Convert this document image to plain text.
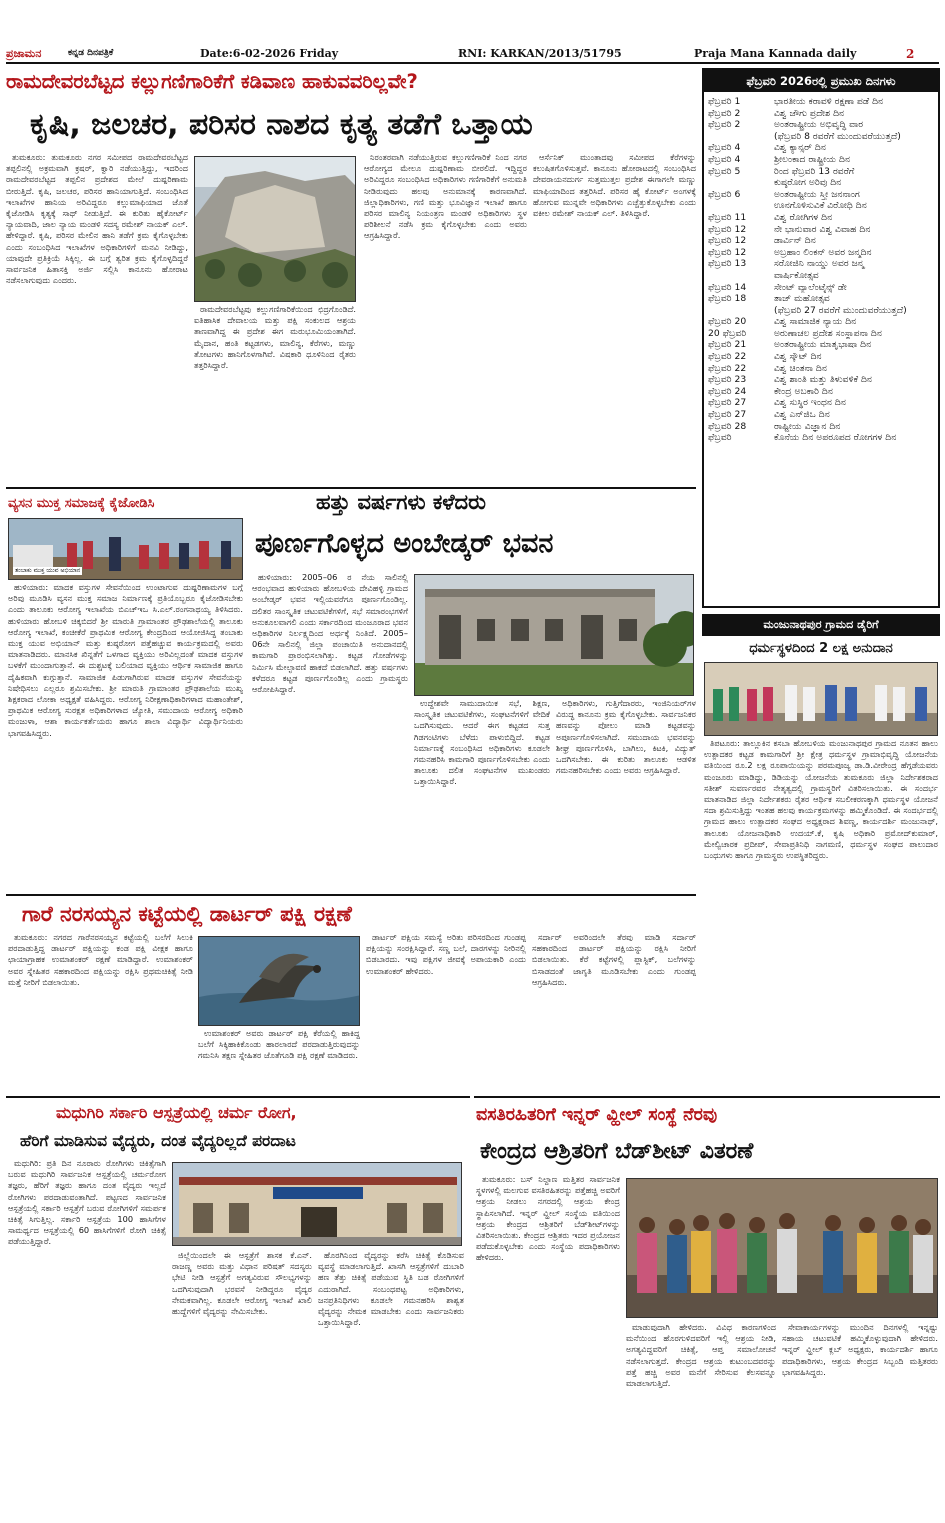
ಪ್ರಜಾಮನ	ಕನ್ನಡ ದಿನಪತ್ರಿಕೆ	Date:6-02-2026 Friday	RNI: KARKAN/2013/51795	Praja Mana Kannada daily	2
ರಾಮದೇವರಬೆಟ್ಟದ ಕಲ್ಲುಗಣಿಗಾರಿಕೆಗೆ ಕಡಿವಾಣ ಹಾಕುವವರಿಲ್ಲವೇ?
ಕೃಷಿ, ಜಲಚರ, ಪರಿಸರ ನಾಶದ ಕೃತ್ಯ ತಡೆಗೆ ಒತ್ತಾಯ

ತುಮಕೂರು: ತುಮಕೂರು ನಗರ ಸಮೀಪದ ರಾಮದೇವರಬೆಟ್ಟದ ತಪ್ಪಲಿನಲ್ಲಿ ಅಕ್ರಮವಾಗಿ ಕ್ರಷರ್, ಕ್ವಾರಿ ನಡೆಯುತ್ತಿದ್ದು, ಇದರಿಂದ ರಾಮದೇವರಬೆಟ್ಟದ ತಪ್ಪಲಿನ ಪ್ರದೇಶದ ಮೇಲೆ ದುಷ್ಪರಿಣಾಮ ಬೀರುತ್ತಿದೆ. ಕೃಷಿ, ಜಲಚರ, ಪರಿಸರ ಹಾನಿಯಾಗುತ್ತಿದೆ. ಸಂಬಂಧಿಸಿದ ಇಲಾಖೆಗಳ ಹಾನಿಯ ಅರಿವಿದ್ದರೂ ಕಲ್ಲುಮಾಫಿಯಾದ ಜೊತೆ ಕೈಜೋಡಿಸಿ ಕೃತ್ಯಕ್ಕೆ ಸಾಥ್ ನೀಡುತ್ತಿದೆ. ಈ ಕುರಿತು ಹೈಕೋರ್ಟ್ ನ್ಯಾಯವಾದಿ, ಜಾಲ ನ್ಯಾಯ ಮಂಡಳಿ ಸದಸ್ಯ ರಮೇಶ್ ನಾಯಕ್ ಎಲ್. ಹೇಳಿದ್ದಾರೆ. ಕೃಷಿ, ಪರಿಸರ ಮೇಲಿನ ಹಾನಿ ತಡೆಗೆ ಕ್ರಮ ಕೈಗೊಳ್ಳಬೇಕು ಎಂದು ಸಂಬಂಧಿಸಿದ ಇಲಾಖೆಗಳ ಅಧಿಕಾರಿಗಳಿಗೆ ಮನವಿ ನೀಡಿದ್ದು, ಯಾವುದೇ ಪ್ರತಿಕ್ರಿಯೆ ಸಿಕ್ಕಿಲ್ಲ. ಈ ಬಗ್ಗೆ ತ್ವರಿತ ಕ್ರಮ ಕೈಗೊಳ್ಳದಿದ್ದರೆ ಸಾರ್ವಜನಿಕ ಹಿತಾಸಕ್ತಿ ಅರ್ಜಿ ಸಲ್ಲಿಸಿ ಕಾನೂನು ಹೋರಾಟ ನಡೆಸಲಾಗುವುದು ಎಂದರು.

ರಾಮದೇವರಬೆಟ್ಟವು ಕಲ್ಲುಗಣಿಗಾರಿಕೆಯಿಂದ ಛಿದ್ರಗೊಂಡಿದೆ. ಐತಿಹಾಸಿಕ ದೇವಾಲಯ ಮತ್ತು ಪಕ್ಷಿ ಸಂಕುಲದ ಆಶ್ರಯ ತಾಣವಾಗಿದ್ದ ಈ ಪ್ರದೇಶ ಈಗ ಮರುಭೂಮಿಯಂತಾಗಿದೆ. ಮೈದಾನ, ಹಂತಿ ಕಟ್ಟಡಗಳು, ಮಾಲಿನ್ಯ, ಕೆರೆಗಳು, ಮಣ್ಣು ತೋಟಗಳು ಹಾನಿಗೊಳಗಾಗಿವೆ. ವಿಷಕಾರಿ ಧೂಳಿನಿಂದ ರೈತರು ತತ್ತರಿಸಿದ್ದಾರೆ.

ನಿರಂತರವಾಗಿ ನಡೆಯುತ್ತಿರುವ ಕಲ್ಲುಗಣಿಗಾರಿಕೆ ನಿಂದ ನಗರ ಆರೋಗ್ಯದ ಮೇಲೂ ದುಷ್ಪರಿಣಾಮ ಬೀರಲಿದೆ. ಇದ್ದಿದ್ದರ ಅರಿವಿದ್ದರೂ ಸಂಬಂಧಿಸಿದ ಅಧಿಕಾರಿಗಳು ಗಣಿಗಾರಿಕೆಗೆ ಅನುಮತಿ ನೀಡಿರುವುದು ಹಲವು ಅನುಮಾನಕ್ಕೆ ಕಾರಣವಾಗಿದೆ. ಜಿಲ್ಲಾಧಿಕಾರಿಗಳು, ಗಣಿ ಮತ್ತು ಭೂವಿಜ್ಞಾನ ಇಲಾಖೆ ಹಾಗೂ ಪರಿಸರ ಮಾಲಿನ್ಯ ನಿಯಂತ್ರಣ ಮಂಡಳಿ ಅಧಿಕಾರಿಗಳು ಸ್ಥಳ ಪರಿಶೀಲನೆ ನಡೆಸಿ ಕ್ರಮ ಕೈಗೊಳ್ಳಬೇಕು ಎಂದು ಅವರು ಆಗ್ರಹಿಸಿದ್ದಾರೆ.

ಆರ್ಸೆನಿಕ್ ಮುಂತಾದವು ಸಮೀಪದ ಕೆರೆಗಳನ್ನು ಕಲುಷಿತಗೊಳಿಸುತ್ತವೆ. ಕಾನೂನು ಹೋರಾಟದಲ್ಲಿ ಸಂಬಂಧಿಸಿದ ದೇವರಾಯನದುರ್ಗ ಸುತ್ತಮುತ್ತಲ ಪ್ರದೇಶ ಈಗಾಗಲೇ ಮಣ್ಣು ಮಾಫಿಯಾದಿಂದ ತತ್ತರಿಸಿದೆ. ಪರಿಸರ ಹೈ ಕೋರ್ಟ್ ಅಂಗಳಕ್ಕೆ ಹೋಗುವ ಮುನ್ನವೇ ಅಧಿಕಾರಿಗಳು ಎಚ್ಚೆತ್ತುಕೊಳ್ಳಬೇಕು ಎಂದು ವಕೀಲ ರಮೇಶ್ ನಾಯಕ್ ಎಲ್. ತಿಳಿಸಿದ್ದಾರೆ.

ಫೆಬ್ರವರಿ 2026ರಲ್ಲಿ ಪ್ರಮುಖ ದಿನಗಳು
ಫೆಬ್ರವರಿ 1	ಭಾರತೀಯ ಕರಾವಳಿ ರಕ್ಷಣಾ ಪಡೆ ದಿನ
ಫೆಬ್ರವರಿ 2	ವಿಶ್ವ ಜೌಗು ಪ್ರದೇಶ ದಿನ
ಫೆಬ್ರವರಿ 2	ಅಂತರಾಷ್ಟ್ರೀಯ ಅಭಿವೃದ್ಧಿ ವಾರ
(ಫೆಬ್ರವರಿ 8 ರವರೆಗೆ ಮುಂದುವರೆಯುತ್ತದೆ)
ಫೆಬ್ರವರಿ 4	ವಿಶ್ವ ಕ್ಯಾನ್ಸರ್ ದಿನ
ಫೆಬ್ರವರಿ 4	ಶ್ರೀಲಂಕಾದ ರಾಷ್ಟ್ರೀಯ ದಿನ
ಫೆಬ್ರವರಿ 5	ರಿಂದ ಫೆಬ್ರವರಿ 13 ರವರೆಗೆ
ಕುಷ್ಠರೋಗ ಅರಿವು ದಿನ
ಫೆಬ್ರವರಿ 6	ಅಂತರಾಷ್ಟ್ರೀಯ ಸ್ತ್ರೀ ಜನನಾಂಗ
ಊನಗೊಳಿಸುವಿಕೆ ವಿರೋಧಿ ದಿನ
ಫೆಬ್ರವರಿ 11	ವಿಶ್ವ ರೋಗಿಗಳ ದಿನ
ಫೆಬ್ರವರಿ 12	ನೇ ಭಾನುವಾರ ವಿಶ್ವ ವಿವಾಹ ದಿನ
ಫೆಬ್ರವರಿ 12	ಡಾರ್ವಿನ್ ದಿನ
ಫೆಬ್ರವರಿ 12	ಅಬ್ರಹಾಂ ಲಿಂಕನ್ ಅವರ ಜನ್ಮದಿನ
ಫೆಬ್ರವರಿ 13	ಸರೋಜಿನಿ ನಾಯ್ಡು ಅವರ ಜನ್ಮ
ವಾರ್ಷಿಕೋತ್ಸವ
ಫೆಬ್ರವರಿ 14	ಸೇಂಟ್ ವ್ಯಾಲೆಂಟೈನ್ಸ್ ಡೇ
ಫೆಬ್ರವರಿ 18	ತಾಜ್ ಮಹೋತ್ಸವ
(ಫೆಬ್ರವರಿ 27 ರವರೆಗೆ ಮುಂದುವರೆಯುತ್ತದೆ)
ಫೆಬ್ರವರಿ 20	ವಿಶ್ವ ಸಾಮಾಜಿಕ ನ್ಯಾಯ ದಿನ
20 ಫೆಬ್ರವರಿ	ಅರುಣಾಚಲ ಪ್ರದೇಶ ಸಂಸ್ಥಾಪನಾ ದಿನ
ಫೆಬ್ರವರಿ 21	ಅಂತರಾಷ್ಟ್ರೀಯ ಮಾತೃಭಾಷಾ ದಿನ
ಫೆಬ್ರವರಿ 22	ವಿಶ್ವ ಸ್ಕೌಟ್ ದಿನ
ಫೆಬ್ರವರಿ 22	ವಿಶ್ವ ಚಿಂತನಾ ದಿನ
ಫೆಬ್ರವರಿ 23	ವಿಶ್ವ ಶಾಂತಿ ಮತ್ತು ತಿಳುವಳಿಕೆ ದಿನ
ಫೆಬ್ರವರಿ 24	ಕೇಂದ್ರ ಅಬಕಾರಿ ದಿನ
ಫೆಬ್ರವರಿ 27	ವಿಶ್ವ ಸುಸ್ಥಿರ ಇಂಧನ ದಿನ
ಫೆಬ್ರವರಿ 27	ವಿಶ್ವ ಎನ್‌ಜಿಒ ದಿನ
ಫೆಬ್ರವರಿ 28	ರಾಷ್ಟ್ರೀಯ ವಿಜ್ಞಾನ ದಿನ
ಫೆಬ್ರವರಿ	ಕೊನೆಯ ದಿನ ಅಪರೂಪದ ರೋಗಗಳ ದಿನ
ವ್ಯಸನ ಮುಕ್ತ ಸಮಾಜಕ್ಕೆ ಕೈಜೋಡಿಸಿ
ತಂಬಾಕು ಮುಕ್ತ ಯುವ ಅಭಿಯಾನ

ಹುಳಿಯಾರು: ಮಾದಕ ವಸ್ತುಗಳ ಸೇವನೆಯಿಂದ ಉಂಟಾಗುವ ದುಷ್ಪರಿಣಾಮಗಳ ಬಗ್ಗೆ ಅರಿವು ಮೂಡಿಸಿ ವ್ಯಸನ ಮುಕ್ತ ಸಮಾಜ ನಿರ್ಮಾಣಕ್ಕೆ ಪ್ರತಿಯೊಬ್ಬರೂ ಕೈಜೋಡಿಸಬೇಕು ಎಂದು ತಾಲೂಕು ಆರೋಗ್ಯ ಇಲಾಖೆಯ ಬಿಎಚ್‌ಇಒ ಸಿ.ಎಲ್.ರಂಗನಾಥಯ್ಯ ತಿಳಿಸಿದರು. ಹುಳಿಯಾರು ಹೋಬಳಿ ಚಿಕ್ಕಬಿದರೆ ಶ್ರೀ ಮಾರುತಿ ಗ್ರಾಮಾಂತರ ಪ್ರೌಢಶಾಲೆಯಲ್ಲಿ ತಾಲೂಕು ಆರೋಗ್ಯ ಇಲಾಖೆ, ಕಂಚೀಕೆರೆ ಪ್ರಾಥಮಿಕ ಆರೋಗ್ಯ ಕೇಂದ್ರದಿಂದ ಆಯೋಜಿಸಿದ್ದ ತಂಬಾಕು ಮುಕ್ತ ಯುವ ಅಭಿಯಾನ್ ಮತ್ತು ಕುಷ್ಠರೋಗ ಪತ್ತೆಹಚ್ಚುವ ಕಾರ್ಯಕ್ರಮದಲ್ಲಿ ಅವರು ಮಾತನಾಡಿದರು. ಮಾನಸಿಕ ಖಿನ್ನತೆಗೆ ಒಳಗಾದ ವ್ಯಕ್ತಿಯು ಅರಿವಿಲ್ಲದಂತೆ ಮಾದಕ ವಸ್ತುಗಳ ಬಳಕೆಗೆ ಮುಂದಾಗುತ್ತಾನೆ. ಈ ದುಶ್ಚಟಕ್ಕೆ ಬಲಿಯಾದ ವ್ಯಕ್ತಿಯು ಆರ್ಥಿಕ ಸಾಮಾಜಿಕ ಹಾಗೂ ದೈಹಿಕವಾಗಿ ಕುಗ್ಗುತ್ತಾನೆ. ಸಾಮಾಜಿಕ ಪಿಡುಗಾಗಿರುವ ಮಾದಕ ವಸ್ತುಗಳ ಸೇವನೆಯನ್ನು ನಿಷೇಧಿಸಲು ಎಲ್ಲರೂ ಶ್ರಮಿಸಬೇಕು. ಶ್ರೀ ಮಾರುತಿ ಗ್ರಾಮಾಂತರ ಪ್ರೌಢಶಾಲೆಯ ಮುಖ್ಯ ಶಿಕ್ಷಕರಾದ ಲೋಕಾ ಅಧ್ಯಕ್ಷತೆ ವಹಿಸಿದ್ದರು. ಆರೋಗ್ಯ ನಿರೀಕ್ಷಣಾಧಿಕಾರಿಗಳಾದ ಮಹಾಂತೇಶ್, ಪ್ರಾಥಮಿಕ ಆರೋಗ್ಯ ಸುರಕ್ಷತ ಅಧಿಕಾರಿಗಳಾದ ಜ್ಯೋತಿ, ಸಮುದಾಯ ಆರೋಗ್ಯ ಅಧಿಕಾರಿ ಮಂಜುಳಾ, ಆಶಾ ಕಾರ್ಯಕರ್ತೆಯರು ಹಾಗೂ ಶಾಲಾ ವಿದ್ಯಾರ್ಥಿ ವಿದ್ಯಾರ್ಥಿನಿಯರು ಭಾಗವಹಿಸಿದ್ದರು.

ಹತ್ತು ವರ್ಷಗಳು ಕಳೆದರು
ಪೂರ್ಣಗೊಳ್ಳದ ಅಂಬೇಡ್ಕರ್ ಭವನ

ಹುಳಿಯಾರು: 2005–06 ರ ನೆಯ ಸಾಲಿನಲ್ಲಿ ಆರಂಭವಾದ ಹುಳಿಯಾರು ಹೋಬಳಿಯ ದೇವಿಹಳ್ಳಿ ಗ್ರಾಮದ ಅಂಬೇಡ್ಕರ್ ಭವನ ಇಲ್ಲಿಯವರೆಗೂ ಪೂರ್ಣಗೊಂಡಿಲ್ಲ. ದಲಿತರ ಸಾಂಸ್ಕೃತಿಕ ಚಟುವಟಿಕೆಗಳಿಗೆ, ಸಭೆ ಸಮಾರಂಭಗಳಿಗೆ ಅನುಕೂಲವಾಗಲಿ ಎಂದು ಸರ್ಕಾರದಿಂದ ಮಂಜೂರಾದ ಭವನ ಅಧಿಕಾರಿಗಳ ನಿರ್ಲಕ್ಷ್ಯದಿಂದ ಅರ್ಧಕ್ಕೆ ನಿಂತಿದೆ. 2005–06ನೇ ಸಾಲಿನಲ್ಲಿ ಜಿಲ್ಲಾ ಪಂಚಾಯಿತಿ ಅನುದಾನದಲ್ಲಿ ಕಾಮಗಾರಿ ಪ್ರಾರಂಭಿಸಲಾಗಿತ್ತು. ಕಟ್ಟಡ ಗೋಡೆಗಳನ್ನು ನಿರ್ಮಿಸಿ ಮೇಲ್ಛಾವಣಿ ಹಾಕದೆ ಬಿಡಲಾಗಿದೆ. ಹತ್ತು ವರ್ಷಗಳು ಕಳೆದರೂ ಕಟ್ಟಡ ಪೂರ್ಣಗೊಂಡಿಲ್ಲ ಎಂದು ಗ್ರಾಮಸ್ಥರು ಆರೋಪಿಸಿದ್ದಾರೆ.

ಉದ್ದೇಶವೇ ಸಾಮುದಾಯಿಕ ಸಭೆ, ಶಿಕ್ಷಣ, ಸಾಂಸ್ಕೃತಿಕ ಚಟುವಟಿಕೆಗಳು, ಸಂಘಟನೆಗಳಿಗೆ ವೇದಿಕೆ ಒದಗಿಸುವುದು. ಆದರೆ ಈಗ ಕಟ್ಟಡದ ಸುತ್ತ ಗಿಡಗಂಟಿಗಳು ಬೆಳೆದು ಪಾಳುಬಿದ್ದಿದೆ. ಕಟ್ಟಡ ನಿರ್ಮಾಣಕ್ಕೆ ಸಂಬಂಧಿಸಿದ ಅಧಿಕಾರಿಗಳು ಕೂಡಲೇ ಗಮನಹರಿಸಿ ಕಾಮಗಾರಿ ಪೂರ್ಣಗೊಳಿಸಬೇಕು ಎಂದು ತಾಲೂಕು ದಲಿತ ಸಂಘಟನೆಗಳ ಮುಖಂಡರು ಒತ್ತಾಯಿಸಿದ್ದಾರೆ.

ಅಧಿಕಾರಿಗಳು, ಗುತ್ತಿಗೆದಾರರು, ಇಂಜಿನಿಯರ್‌ಗಳ ವಿರುದ್ಧ ಕಾನೂನು ಕ್ರಮ ಕೈಗೊಳ್ಳಬೇಕು. ಸಾರ್ವಜನಿಕರ ಹಣವನ್ನು ಪೋಲು ಮಾಡಿ ಕಟ್ಟಡವನ್ನು ಅಪೂರ್ಣಗೊಳಿಸಲಾಗಿದೆ. ಸಮುದಾಯ ಭವನವನ್ನು ಶೀಘ್ರ ಪೂರ್ಣಗೊಳಿಸಿ, ಬಾಗಿಲು, ಕಿಟಕಿ, ವಿದ್ಯುತ್ ಒದಗಿಸಬೇಕು. ಈ ಕುರಿತು ತಾಲೂಕು ಆಡಳಿತ ಗಮನಹರಿಸಬೇಕು ಎಂದು ಅವರು ಆಗ್ರಹಿಸಿದ್ದಾರೆ.

ಮಂಜುನಾಥಪುರ ಗ್ರಾಮದ ಡೈರಿಗೆ
ಧರ್ಮಸ್ಥಳದಿಂದ 2 ಲಕ್ಷ ಅನುದಾನ

ತಿಪಟೂರು: ತಾಲ್ಲೂಕಿನ ಕಸಬಾ ಹೋಬಳಿಯ ಮಂಜುನಾಥಪುರ ಗ್ರಾಮದ ನೂತನ ಹಾಲು ಉತ್ಪಾದಕರ ಕಟ್ಟಡ ಕಾಮಗಾರಿಗೆ ಶ್ರೀ ಕ್ಷೇತ್ರ ಧರ್ಮಸ್ಥಳ ಗ್ರಾಮಾಭಿವೃದ್ಧಿ ಯೋಜನೆಯ ವತಿಯಿಂದ ರೂ.2 ಲಕ್ಷ ರೂಪಾಯಿಯನ್ನು ಪರಮಪೂಜ್ಯ ಡಾ.ಡಿ.ವೀರೇಂದ್ರ ಹೆಗ್ಗಡೆಯವರು ಮಂಜೂರು ಮಾಡಿದ್ದು, ಡಿಡಿಯನ್ನು ಯೋಜನೆಯ ತುಮಕೂರು ಜಿಲ್ಲಾ ನಿರ್ದೇಶಕರಾದ ಸತೀಶ್ ಸುವರ್ಣರವರ ನೇತೃತ್ವದಲ್ಲಿ ಗ್ರಾಮಸ್ಥರಿಗೆ ವಿತರಿಸಲಾಯಿತು. ಈ ಸಂದರ್ಭ ಮಾತನಾಡಿದ ಜಿಲ್ಲಾ ನಿರ್ದೇಶಕರು ರೈತರ ಆರ್ಥಿಕ ಸಬಲೀಕರಣಕ್ಕಾಗಿ ಧರ್ಮಸ್ಥಳ ಯೋಜನೆ ಸದಾ ಶ್ರಮಿಸುತ್ತಿದ್ದು ಇಂತಹ ಹಲವು ಕಾರ್ಯಕ್ರಮಗಳನ್ನು ಹಮ್ಮಿಕೊಂಡಿದೆ. ಈ ಸಂದರ್ಭದಲ್ಲಿ ಗ್ರಾಮದ ಹಾಲು ಉತ್ಪಾದಕರ ಸಂಘದ ಅಧ್ಯಕ್ಷರಾದ ಶಿವಣ್ಣ, ಕಾರ್ಯದರ್ಶಿ ಮಂಜುನಾಥ್, ತಾಲೂಕು ಯೋಜನಾಧಿಕಾರಿ ಉದಯ್.ಕೆ, ಕೃಷಿ ಅಧಿಕಾರಿ ಪ್ರಮೋದ್‌ಕುಮಾರ್, ಮೇಲ್ವಿಚಾರಕ ಪ್ರದೀಪ್, ಸೇವಾಪ್ರತಿನಿಧಿ ನಾಗಮಣಿ, ಧರ್ಮಸ್ಥಳ ಸಂಘದ ಪಾಲುದಾರ ಬಂಧುಗಳು ಹಾಗೂ ಗ್ರಾಮಸ್ಥರು ಉಪಸ್ಥಿತರಿದ್ದರು.

ಗಾರೆ ನರಸಯ್ಯನ ಕಟ್ಟೆಯಲ್ಲಿ ಡಾರ್ಟರ್ ಪಕ್ಷಿ ರಕ್ಷಣೆ

ತುಮಕೂರು: ನಗರದ ಗಾರೆನರಸಯ್ಯನ ಕಟ್ಟೆಯಲ್ಲಿ ಬಲೆಗೆ ಸಿಲುಕಿ ಪರದಾಡುತ್ತಿದ್ದ ಡಾರ್ಟರ್ ಪಕ್ಷಿಯನ್ನು ಕಂಡ ಪಕ್ಷಿ ವೀಕ್ಷಕ ಹಾಗೂ ಛಾಯಾಗ್ರಾಹಕ ಉಮಾಶಂಕರ್ ರಕ್ಷಣೆ ಮಾಡಿದ್ದಾರೆ. ಉಮಾಶಂಕರ್ ಅವರ ಸ್ನೇಹಿತರ ಸಹಕಾರದಿಂದ ಪಕ್ಷಿಯನ್ನು ರಕ್ಷಿಸಿ ಪ್ರಥಮಚಿಕಿತ್ಸೆ ನೀಡಿ ಮತ್ತೆ ನೀರಿಗೆ ಬಿಡಲಾಯಿತು.

ಉಮಾಶಂಕರ್ ಅವರು ಡಾರ್ಟರ್ ಪಕ್ಷಿ ಕೆರೆಯಲ್ಲಿ ಹಾಕಿದ್ದ ಬಲೆಗೆ ಸಿಕ್ಕಿಹಾಕಿಕೊಂಡು ಹಾರಲಾರದೆ ಪರದಾಡುತ್ತಿರುವುದನ್ನು ಗಮನಿಸಿ ತಕ್ಷಣ ಸ್ನೇಹಿತರ ಜೊತೆಗೂಡಿ ಪಕ್ಷಿ ರಕ್ಷಣೆ ಮಾಡಿದರು.

ಡಾರ್ಟರ್ ಪಕ್ಷಿಯ ಸಮಸ್ಯೆ ಅರಿತು ಪರಿಸರದಿಂದ ಗುಂಡಪ್ಪ ಪಕ್ಷಿಯನ್ನು ಸಂರಕ್ಷಿಸಿದ್ದಾರೆ. ಸಣ್ಣ ಬಲೆ, ದಾರಗಳನ್ನು ನೀರಿನಲ್ಲಿ ಬಿಡಬಾರದು. ಇವು ಪಕ್ಷಿಗಳ ಜೀವಕ್ಕೆ ಅಪಾಯಕಾರಿ ಎಂದು ಉಮಾಶಂಕರ್ ಹೇಳಿದರು.

ಸರ್ದಾರ್ ಅವರಿಂದಲೇ ತೆರವು ಮಾಡಿ ಸರ್ದಾರ್ ಸಹಕಾರದಿಂದ ಡಾರ್ಟರ್ ಪಕ್ಷಿಯನ್ನು ರಕ್ಷಿಸಿ ನೀರಿಗೆ ಬಿಡಲಾಯಿತು. ಕೆರೆ ಕಟ್ಟೆಗಳಲ್ಲಿ ಪ್ಲಾಸ್ಟಿಕ್, ಬಲೆಗಳನ್ನು ಬಿಸಾಡದಂತೆ ಜಾಗೃತಿ ಮೂಡಿಸಬೇಕು ಎಂದು ಗುಂಡಪ್ಪ ಆಗ್ರಹಿಸಿದರು.

ಮಧುಗಿರಿ ಸರ್ಕಾರಿ ಆಸ್ಪತ್ರೆಯಲ್ಲಿ ಚರ್ಮ ರೋಗ,
ಹೆರಿಗೆ ಮಾಡಿಸುವ ವೈದ್ಯರು, ದಂತ ವೈದ್ಯರಿಲ್ಲದೆ ಪರದಾಟ

ಮಧುಗಿರಿ: ಪ್ರತಿ ದಿನ ನೂರಾರು ರೋಗಿಗಳು ಚಿಕಿತ್ಸೆಗಾಗಿ ಬರುವ ಮಧುಗಿರಿ ಸಾರ್ವಜನಿಕ ಆಸ್ಪತ್ರೆಯಲ್ಲಿ ಚರ್ಮರೋಗ ತಜ್ಞರು, ಹೆರಿಗೆ ತಜ್ಞರು ಹಾಗೂ ದಂತ ವೈದ್ಯರು ಇಲ್ಲದೆ ರೋಗಿಗಳು ಪರದಾಡುವಂತಾಗಿದೆ. ಪಟ್ಟಣದ ಸಾರ್ವಜನಿಕ ಆಸ್ಪತ್ರೆಯಲ್ಲಿ ಸರ್ಕಾರಿ ಆಸ್ಪತ್ರೆಗೆ ಬರುವ ರೋಗಿಗಳಿಗೆ ಸಮರ್ಪಕ ಚಿಕಿತ್ಸೆ ಸಿಗುತ್ತಿಲ್ಲ. ಸರ್ಕಾರಿ ಆಸ್ಪತ್ರೆಯ 100 ಹಾಸಿಗೆಗಳ ಸಾಮರ್ಥ್ಯದ ಆಸ್ಪತ್ರೆಯಲ್ಲಿ 60 ಹಾಸಿಗೆಗಳಿಗೆ ರೋಗಿ ಚಿಕಿತ್ಸೆ ಪಡೆಯುತ್ತಿದ್ದಾರೆ.

ಜಿಲ್ಲೆಯಿಂದಲೇ ಈ ಆಸ್ಪತ್ರೆಗೆ ಶಾಸಕ ಕೆ.ಎನ್. ರಾಜಣ್ಣ ಅವರು ಮತ್ತು ವಿಧಾನ ಪರಿಷತ್ ಸದಸ್ಯರು ಭೇಟಿ ನೀಡಿ ಆಸ್ಪತ್ರೆಗೆ ಅಗತ್ಯವಿರುವ ಸೌಲಭ್ಯಗಳನ್ನು ಒದಗಿಸುವುದಾಗಿ ಭರವಸೆ ನೀಡಿದ್ದರೂ ವೈದ್ಯರ ನೇಮಕವಾಗಿಲ್ಲ. ಕೂಡಲೇ ಆರೋಗ್ಯ ಇಲಾಖೆ ಖಾಲಿ ಹುದ್ದೆಗಳಿಗೆ ವೈದ್ಯರನ್ನು ನೇಮಿಸಬೇಕು.

ಹೊರಗಿನಿಂದ ವೈದ್ಯರನ್ನು ಕರೆಸಿ ಚಿಕಿತ್ಸೆ ಕೊಡಿಸುವ ವ್ಯವಸ್ಥೆ ಮಾಡಲಾಗುತ್ತಿದೆ. ಖಾಸಗಿ ಆಸ್ಪತ್ರೆಗಳಿಗೆ ದುಬಾರಿ ಹಣ ತೆತ್ತು ಚಿಕಿತ್ಸೆ ಪಡೆಯುವ ಸ್ಥಿತಿ ಬಡ ರೋಗಿಗಳಿಗೆ ಎದುರಾಗಿದೆ. ಸಂಬಂಧಪಟ್ಟ ಅಧಿಕಾರಿಗಳು, ಜನಪ್ರತಿನಿಧಿಗಳು ಕೂಡಲೇ ಗಮನಹರಿಸಿ ಶಾಶ್ವತ ವೈದ್ಯರನ್ನು ನೇಮಕ ಮಾಡಬೇಕು ಎಂದು ಸಾರ್ವಜನಿಕರು ಒತ್ತಾಯಿಸಿದ್ದಾರೆ.

ವಸತಿರಹಿತರಿಗೆ ಇನ್ನರ್ ವ್ಹೀಲ್ ಸಂಸ್ಥೆ ನೆರವು
ಕೇಂದ್ರದ ಆಶ್ರಿತರಿಗೆ ಬೆಡ್‌ಶೀಟ್ ವಿತರಣೆ

ತುಮಕೂರು: ಬಸ್ ನಿಲ್ದಾಣ ಮತ್ತಿತರ ಸಾರ್ವಜನಿಕ ಸ್ಥಳಗಳಲ್ಲಿ ಮಲಗುವ ವಸತಿರಹಿತರನ್ನು ಪತ್ತೆಹಚ್ಚಿ ಅವರಿಗೆ ಆಶ್ರಯ ನೀಡಲು ನಗರದಲ್ಲಿ ಆಶ್ರಯ ಕೇಂದ್ರ ಸ್ಥಾಪಿಸಲಾಗಿದೆ. ಇನ್ನರ್ ವ್ಹೀಲ್ ಸಂಸ್ಥೆಯ ವತಿಯಿಂದ ಆಶ್ರಯ ಕೇಂದ್ರದ ಆಶ್ರಿತರಿಗೆ ಬೆಡ್‌ಶೀಟ್‌ಗಳನ್ನು ವಿತರಿಸಲಾಯಿತು. ಕೇಂದ್ರದ ಆಶ್ರಿತರು ಇದರ ಪ್ರಯೋಜನ ಪಡೆದುಕೊಳ್ಳಬೇಕು ಎಂದು ಸಂಸ್ಥೆಯ ಪದಾಧಿಕಾರಿಗಳು ಹೇಳಿದರು.

ಮಾಡುವುದಾಗಿ ಹೇಳಿದರು. ವಿವಿಧ ಕಾರಣಗಳಿಂದ ಮನೆಯಿಂದ ಹೊರಗುಳಿದವರಿಗೆ ಇಲ್ಲಿ ಆಶ್ರಯ ನೀಡಿ, ಅಗತ್ಯವಿದ್ದವರಿಗೆ ಚಿಕಿತ್ಸೆ, ಆಪ್ತ ಸಮಾಲೋಚನೆ ನಡೆಸಲಾಗುತ್ತದೆ. ಕೇಂದ್ರದ ಆಶ್ರಯ ಕುಟುಂಬದವರನ್ನು ಪತ್ತೆ ಹಚ್ಚಿ ಅವರ ಮನೆಗೆ ಸೇರಿಸುವ ಕೆಲಸವನ್ನೂ ಮಾಡಲಾಗುತ್ತಿದೆ.

ಸೇವಾಕಾರ್ಯಗಳನ್ನು ಮುಂದಿನ ದಿನಗಳಲ್ಲಿ ಇನ್ನಷ್ಟು ಸಹಾಯ ಚಟುವಟಿಕೆ ಹಮ್ಮಿಕೊಳ್ಳುವುದಾಗಿ ಹೇಳಿದರು. ಇನ್ನರ್ ವ್ಹೀಲ್ ಕ್ಲಬ್ ಅಧ್ಯಕ್ಷರು, ಕಾರ್ಯದರ್ಶಿ ಹಾಗೂ ಪದಾಧಿಕಾರಿಗಳು, ಆಶ್ರಯ ಕೇಂದ್ರದ ಸಿಬ್ಬಂದಿ ಮತ್ತಿತರರು ಭಾಗವಹಿಸಿದ್ದರು.
